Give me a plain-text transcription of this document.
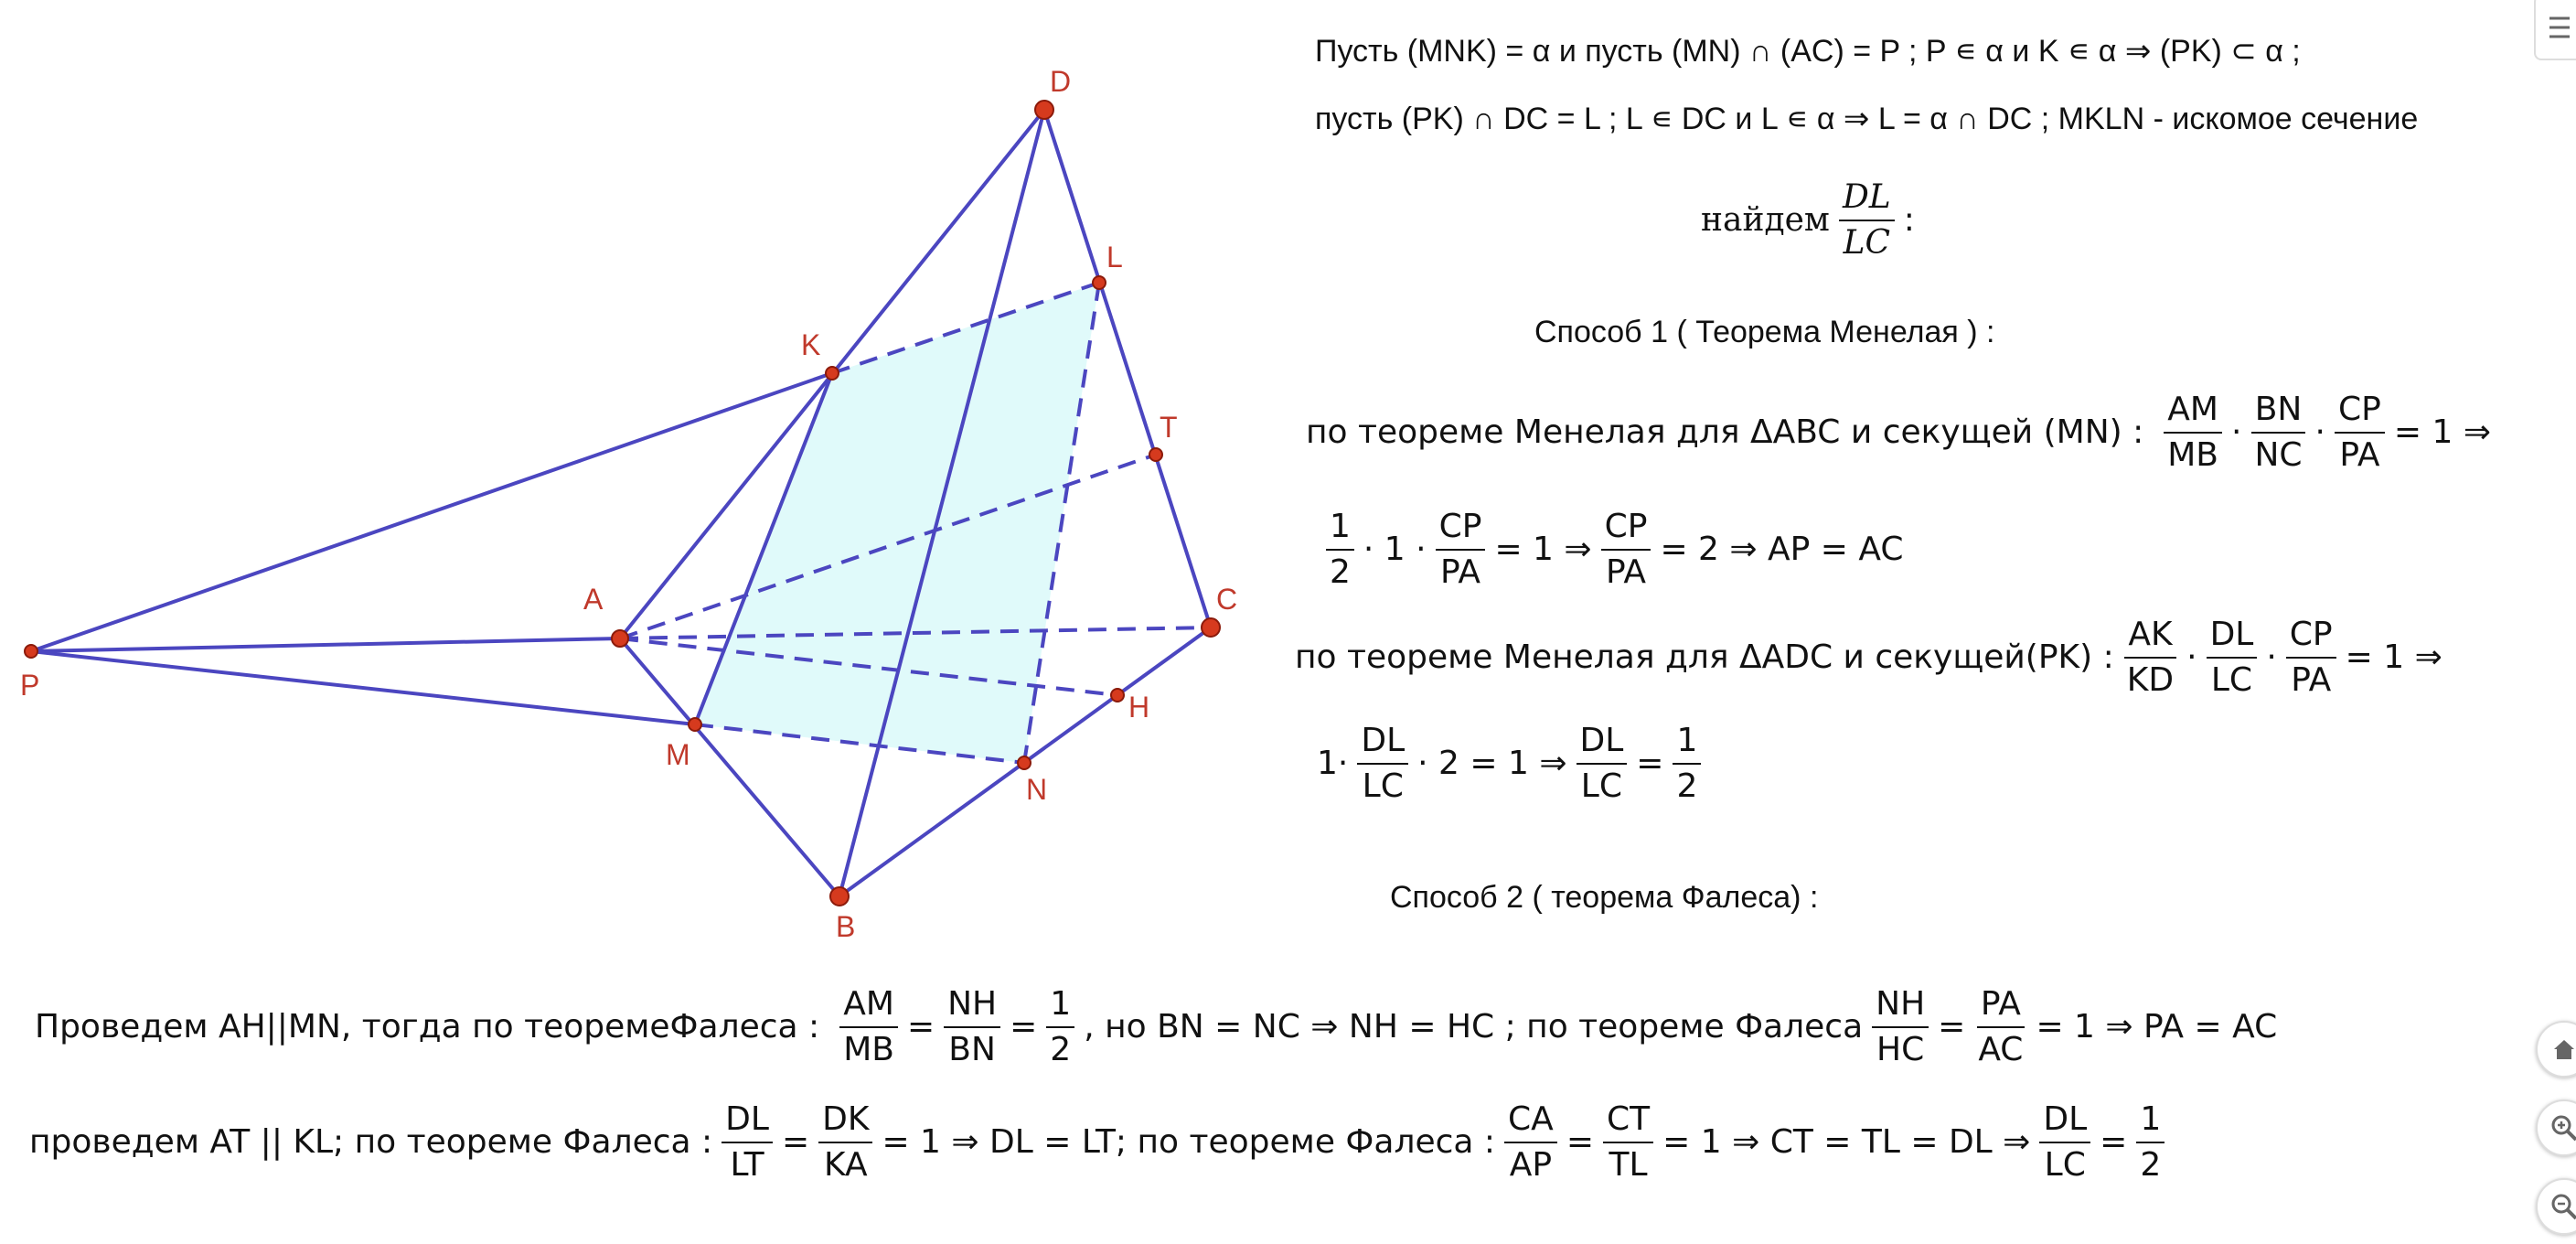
P
A
D
B
C
K
L
T
M
N
H
Пусть (MNK) = α и пусть (MN) ∩ (AC) = P ; P ∊ α и K ∊ α ⇒ (PK) ⊂ α ;
пусть (PK) ∩ DC = L ; L ∊ DC и L ∊ α ⇒ L = α ∩ DC ; MKLN - искомое сечение
найдем $\frac{DL}{LC}$ :
Способ 1 ( Теорема Менелая ) :
по теореме Менелая для ΔABC и секущей (MN) : $\frac{AM}{MB} \cdot \frac{BN}{NC} \cdot \frac{CP}{PA} = 1$ ⇒
$\frac{1}{2} \cdot 1 \cdot \frac{CP}{PA} = 1$ ⇒ $\frac{CP}{PA} = 2$ ⇒ AP = AC
по теореме Менелая для ΔADC и секущей(PK) : $\frac{AK}{KD} \cdot \frac{DL}{LC} \cdot \frac{CP}{PA} = 1$ ⇒
$1\cdot \frac{DL}{LC} \cdot 2 = 1$ ⇒ $\frac{DL}{LC} = \frac{1}{2}$
Способ 2 ( теорема Фалеса) :
Проведем AH||MN, тогда по теоремеФалеса : $\frac{AM}{MB} = \frac{NH}{BN} = \frac{1}{2}$ , но BN = NC ⇒ NH = HC ; по теореме Фалеса $\frac{NH}{HC} = \frac{PA}{AC} = 1$ ⇒ PA = AC
проведем AT || KL; по теореме Фалеса : $\frac{DL}{LT} = \frac{DK}{KA} = 1$ ⇒ DL = LT; по теореме Фалеса : $\frac{CA}{AP} = \frac{CT}{TL} = 1$ ⇒ CT = TL = DL ⇒ $\frac{DL}{LC} = \frac{1}{2}$
